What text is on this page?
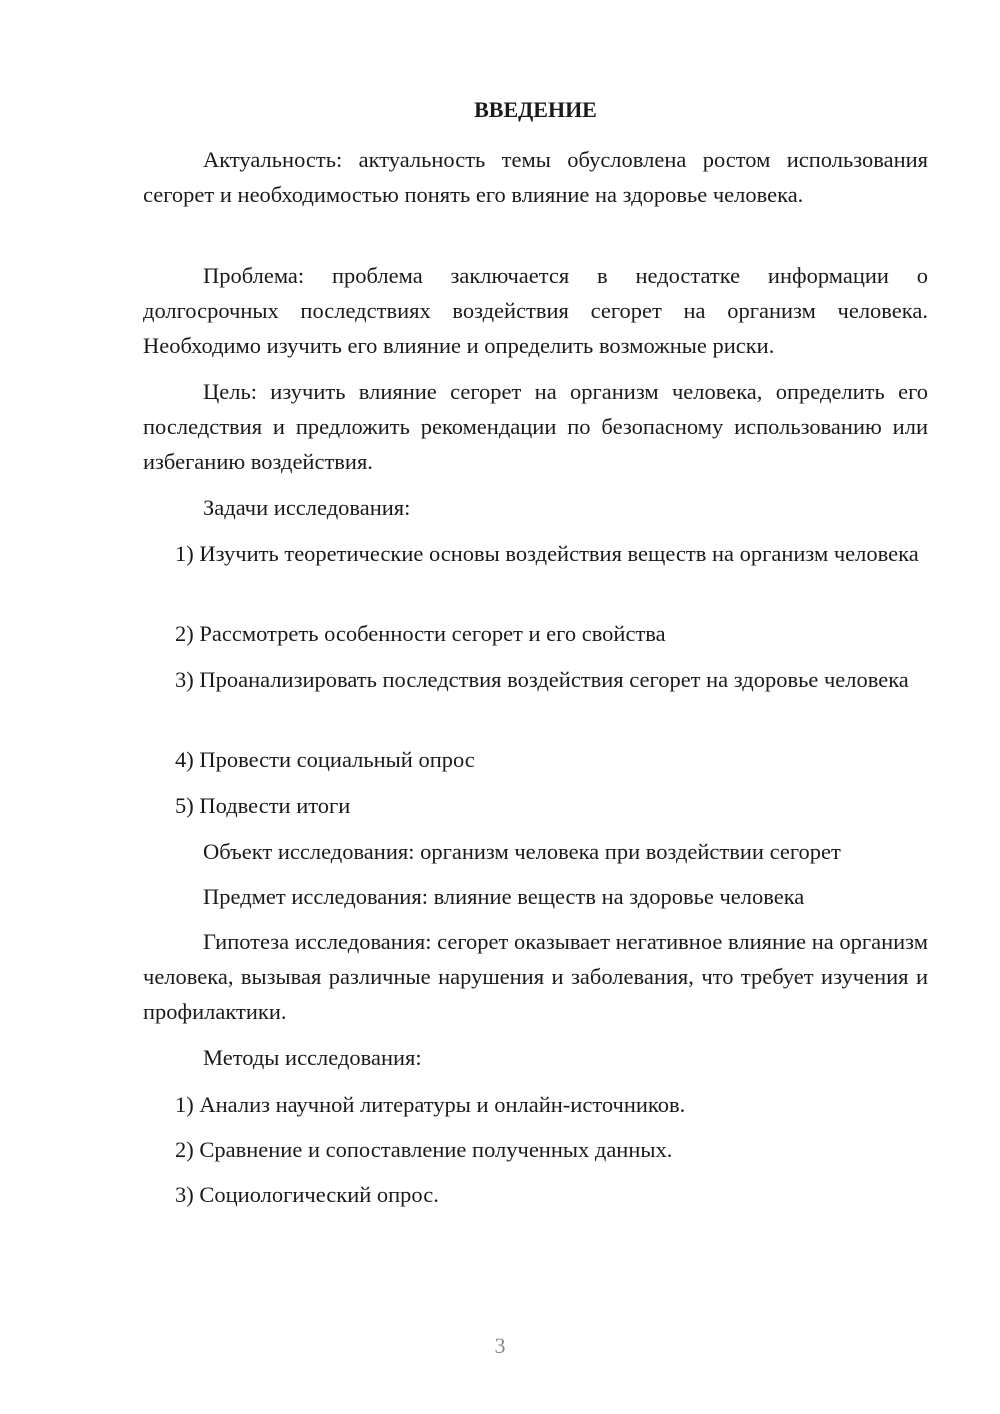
ВВЕДЕНИЕ

Актуальность: актуальность темы обусловлена ростом использования сегорет и необходимостью понять его влияние на здоровье человека.

Проблема: проблема заключается в недостатке информации о долгосрочных последствиях воздействия сегорет на организм человека. Необходимо изучить его влияние и определить возможные риски.

Цель: изучить влияние сегорет на организм человека, определить его последствия и предложить рекомендации по безопасному использованию или избеганию воздействия.

Задачи исследования:

1) Изучить теоретические основы воздействия веществ на организм человека

2) Рассмотреть особенности сегорет и его свойства

3) Проанализировать последствия воздействия сегорет на здоровье человека

4) Провести социальный опрос

5) Подвести итоги

Объект исследования: организм человека при воздействии сегорет

Предмет исследования: влияние веществ на здоровье человека

Гипотеза исследования: сегорет оказывает негативное влияние на организм человека, вызывая различные нарушения и заболевания, что требует изучения и профилактики.

Методы исследования:

1) Анализ научной литературы и онлайн-источников.

2) Сравнение и сопоставление полученных данных.

3) Социологический опрос.

3
